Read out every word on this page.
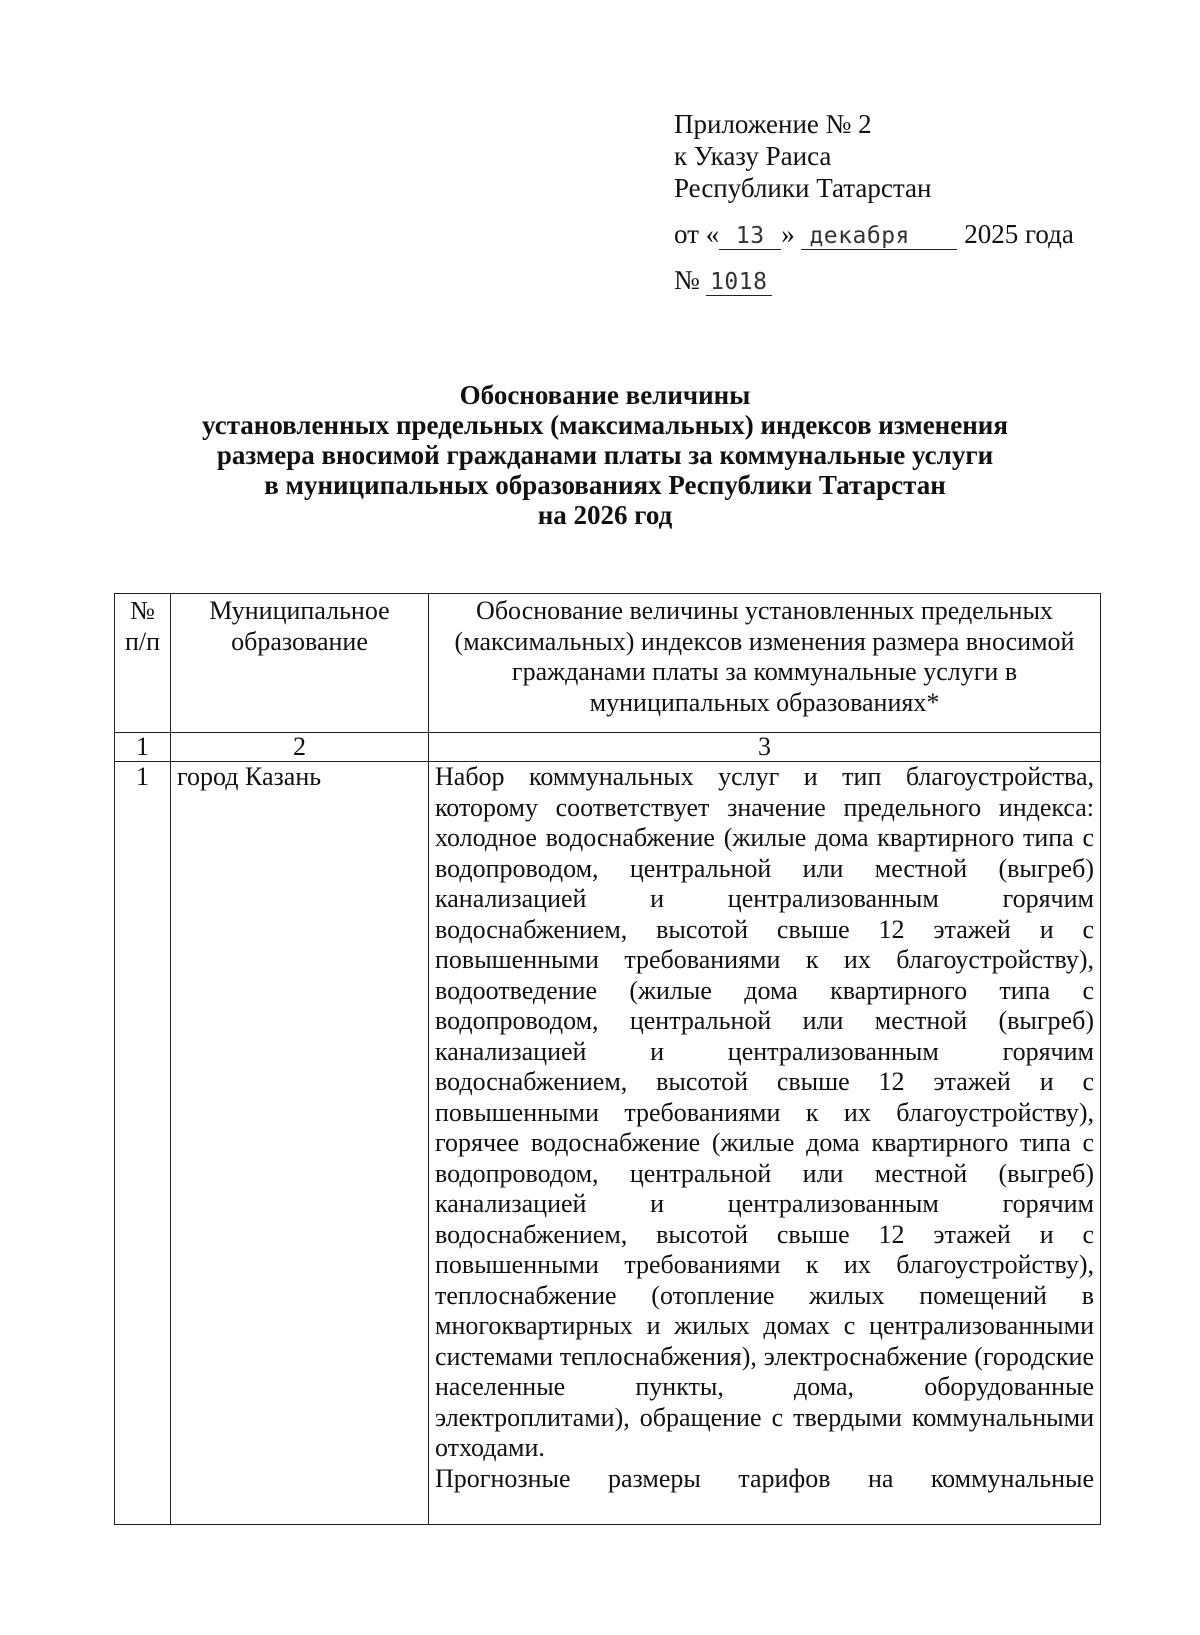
Приложение № 2
к Указу Раиса
Республики Татарстан
от « 13 » декабря 2025 года
№ 1018
Обоснование величины
установленных предельных (максимальных) индексов изменения
размера вносимой гражданами платы за коммунальные услуги
в муниципальных образованиях Республики Татарстан
на 2026 год
№ п/п	Муниципальное образование	Обоснование величины установленных предельных (максимальных) индексов изменения размера вносимой гражданами платы за коммунальные услуги в муниципальных образованиях*
1	2	3
1	город Казань	Набор коммунальных услуг и тип благоустройства, которому соответствует значение предельного индекса: холодное водоснабжение (жилые дома квартирного типа с водопроводом, центральной или местной (выгреб) канализацией и централизованным горячим водоснабжением, высотой свыше 12 этажей и с повышенными требованиями к их благоустройству), водоотведение (жилые дома квартирного типа с водопроводом, центральной или местной (выгреб) канализацией и централизованным горячим водоснабжением, высотой свыше 12 этажей и с повышенными требованиями к их благоустройству), горячее водоснабжение (жилые дома квартирного типа с водопроводом, центральной или местной (выгреб) канализацией и централизованным горячим водоснабжением, высотой свыше 12 этажей и с повышенными требованиями к их благоустройству), теплоснабжение (отопление жилых помещений в многоквартирных и жилых домах с централизованными системами теплоснабжения), электроснабжение (городские населенные пункты, дома, оборудованные электроплитами), обращение с твердыми коммунальными отходами.

Прогнозные размеры тарифов на коммунальные
